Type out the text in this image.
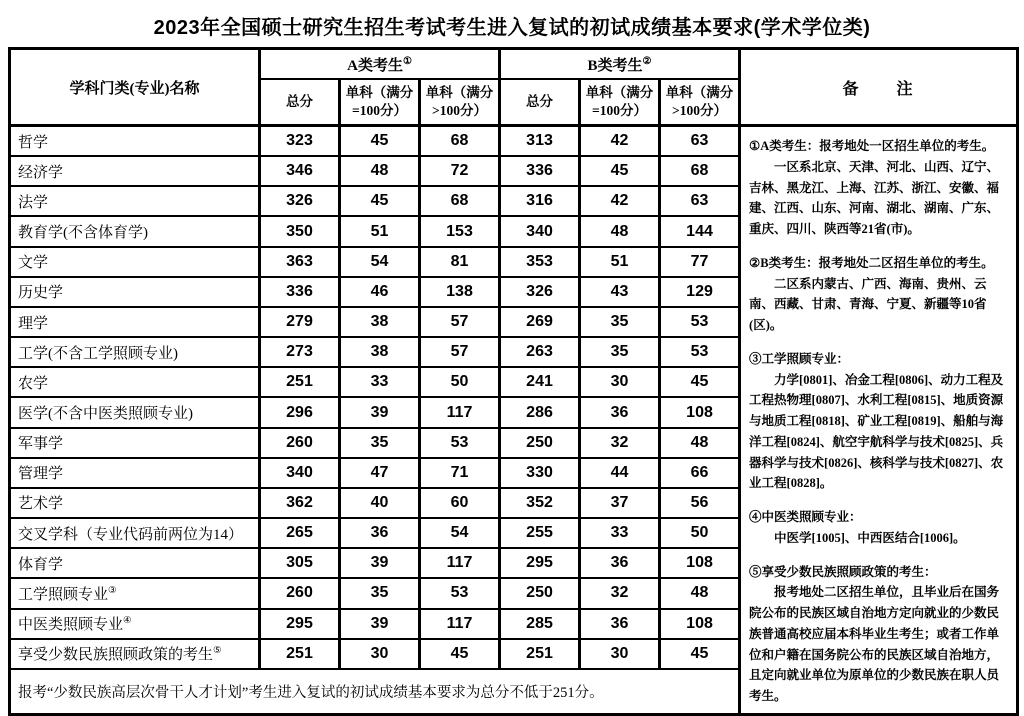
2023年全国硕士研究生招生考试考生进入复试的初试成绩基本要求(学术学位类)
学科门类(专业)名称	A类考生①			B类考生②			备　　注
	总分	单科（满分=100分）	单科（满分>100分）	总分	单科（满分=100分）	单科（满分>100分）	
哲学	323	45	68	313	42	63	①A类考生：报考地处一区招生单位的考生。

一区系北京、天津、河北、山西、辽宁、吉林、黑龙江、上海、江苏、浙江、安徽、福建、江西、山东、河南、湖北、湖南、广东、重庆、四川、陕西等21省(市)。

②B类考生：报考地处二区招生单位的考生。

二区系内蒙古、广西、海南、贵州、云南、西藏、甘肃、青海、宁夏、新疆等10省(区)。

③工学照顾专业：

力学[0801]、冶金工程[0806]、动力工程及工程热物理[0807]、水利工程[0815]、地质资源与地质工程[0818]、矿业工程[0819]、船舶与海洋工程[0824]、航空宇航科学与技术[0825]、兵器科学与技术[0826]、核科学与技术[0827]、农业工程[0828]。

④中医类照顾专业：

中医学[1005]、中西医结合[1006]。

⑤享受少数民族照顾政策的考生：

报考地处二区招生单位，且毕业后在国务院公布的民族区域自治地方定向就业的少数民族普通高校应届本科毕业生考生；或者工作单位和户籍在国务院公布的民族区域自治地方，且定向就业单位为原单位的少数民族在职人员考生。

经济学	346	48	72	336	45	68	
法学	326	45	68	316	42	63	
教育学(不含体育学)	350	51	153	340	48	144	
文学	363	54	81	353	51	77	
历史学	336	46	138	326	43	129	
理学	279	38	57	269	35	53	
工学(不含工学照顾专业)	273	38	57	263	35	53	
农学	251	33	50	241	30	45	
医学(不含中医类照顾专业)	296	39	117	286	36	108	
军事学	260	35	53	250	32	48	
管理学	340	47	71	330	44	66	
艺术学	362	40	60	352	37	56	
交叉学科（专业代码前两位为14）	265	36	54	255	33	50	
体育学	305	39	117	295	36	108	
工学照顾专业③	260	35	53	250	32	48	
中医类照顾专业④	295	39	117	285	36	108	
享受少数民族照顾政策的考生⑤	251	30	45	251	30	45	
报考“少数民族高层次骨干人才计划”考生进入复试的初试成绩基本要求为总分不低于251分。							
